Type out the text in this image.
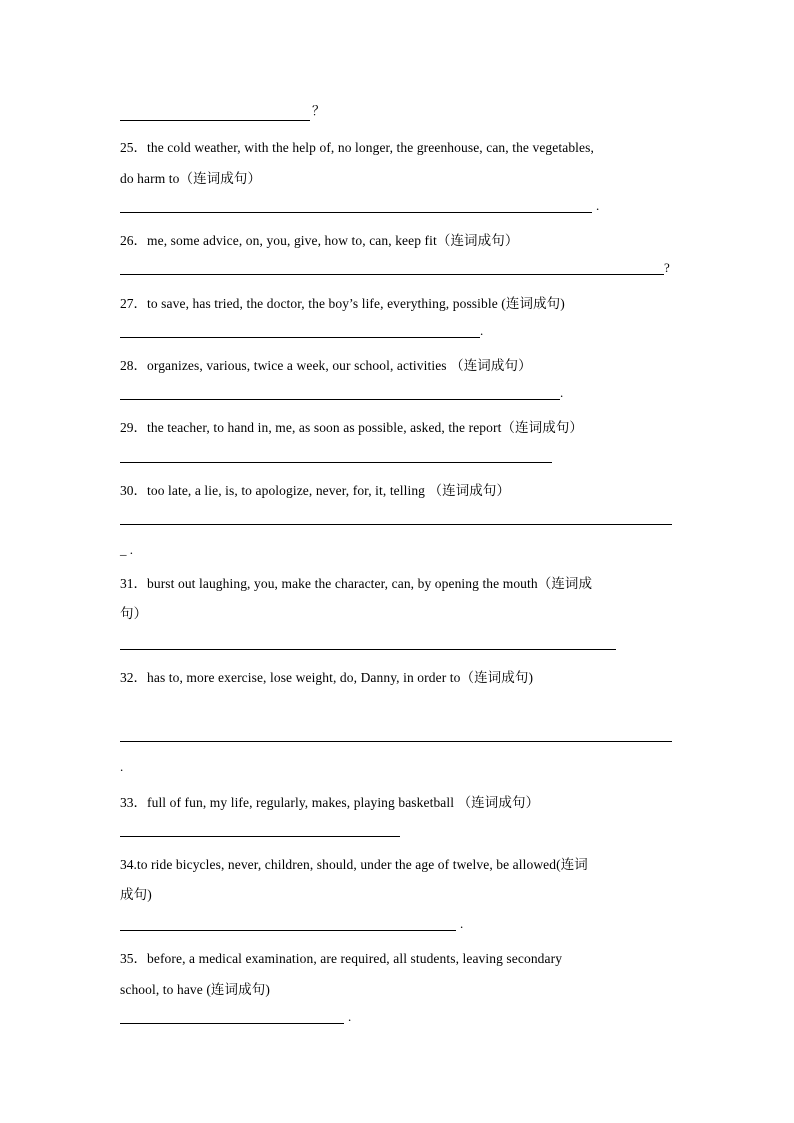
？
25．the cold weather, with the help of, no longer, the greenhouse, can, the vegetables,
do harm to（连词成句）
.
26．me, some advice, on, you, give, how to, can, keep fit（连词成句）
?
27．to save, has tried, the doctor, the boy’s life, everything, possible (连词成句)
.
28．organizes, various, twice a week, our school, activities （连词成句）
.
29．the teacher, to hand in, me, as soon as possible, asked, the report（连词成句）
30．too late, a lie, is, to apologize, never, for, it, telling （连词成句）
_ .
31．burst out laughing, you, make the character, can, by opening the mouth（连词成
句）
32．has to, more exercise, lose weight, do, Danny, in order to（连词成句)
.
33．full of fun, my life, regularly, makes, playing basketball （连词成句）
34.to ride bicycles, never, children, should, under the age of twelve, be allowed(连词
成句)
.
35．before, a medical examination, are required, all students, leaving secondary
school, to have (连词成句)
.
